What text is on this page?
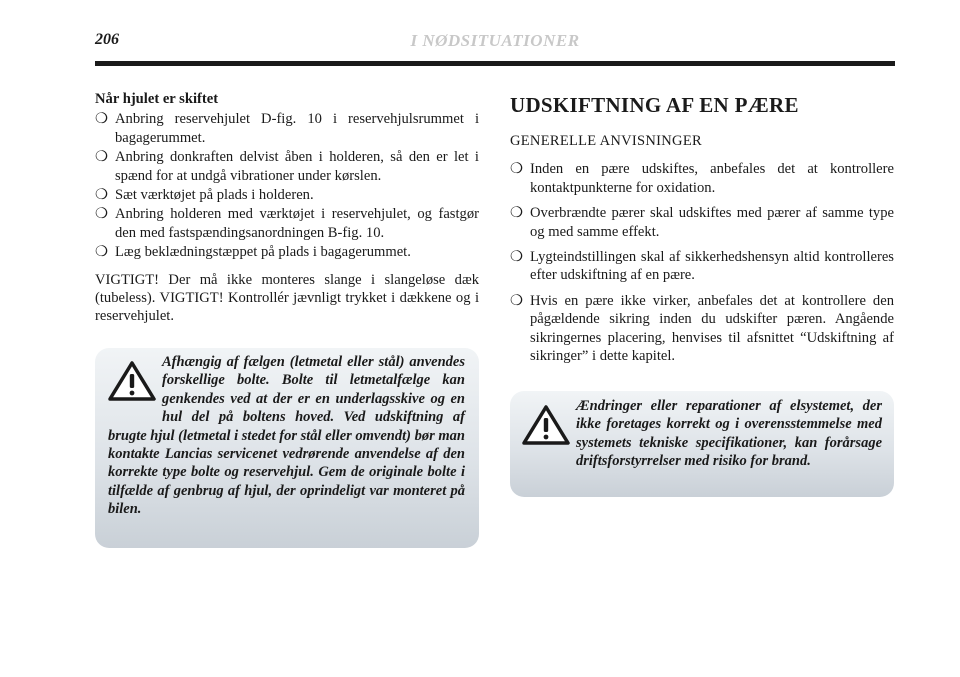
206	I NØDSITUATIONER
Når hjulet er skiftet
❍ Anbring reservehjulet D-fig. 10 i reservehjulsrummet i bagagerummet.
❍ Anbring donkraften delvist åben i holderen, så den er let i spænd for at undgå vibrationer under kørslen.
❍ Sæt værktøjet på plads i holderen.
❍ Anbring holderen med værktøjet i reservehjulet, og fastgør den med fastspændingsanordningen B-fig. 10.
❍ Læg beklædningstæppet på plads i bagagerummet.

VIGTIGT! Der må ikke monteres slange i slangeløse dæk (tubeless). VIGTIGT! Kontrollér jævnligt trykket i dækkene og i reservehjulet.

Afhængig af fælgen (letmetal eller stål) anvendes forskellige bolte. Bolte til letmetalfælge kan genkendes ved at der er en underlagsskive og en hul del på boltens hoved. Ved udskiftning af brugte hjul (letmetal i stedet for stål eller omvendt) bør man kontakte Lancias servicenet vedrørende anvendelse af den korrekte type bolte og reservehjul. Gem de originale bolte i tilfælde af genbrug af hjul, der oprindeligt var monteret på bilen.
UDSKIFTNING AF EN PÆRE
GENERELLE ANVISNINGER
❍ Inden en pære udskiftes, anbefales det at kontrollere kontaktpunkterne for oxidation.
❍ Overbrændte pærer skal udskiftes med pærer af samme type og med samme effekt.
❍ Lygteindstillingen skal af sikkerhedshensyn altid kontrolleres efter udskiftning af en pære.
❍ Hvis en pære ikke virker, anbefales det at kontrollere den pågældende sikring inden du udskifter pæren. Angående sikringernes placering, henvises til afsnittet “Udskiftning af sikringer” i dette kapitel.
Ændringer eller reparationer af elsystemet, der ikke foretages korrekt og i overensstemmelse med systemets tekniske specifikationer, kan forårsage driftsforstyrrelser med risiko for brand.
